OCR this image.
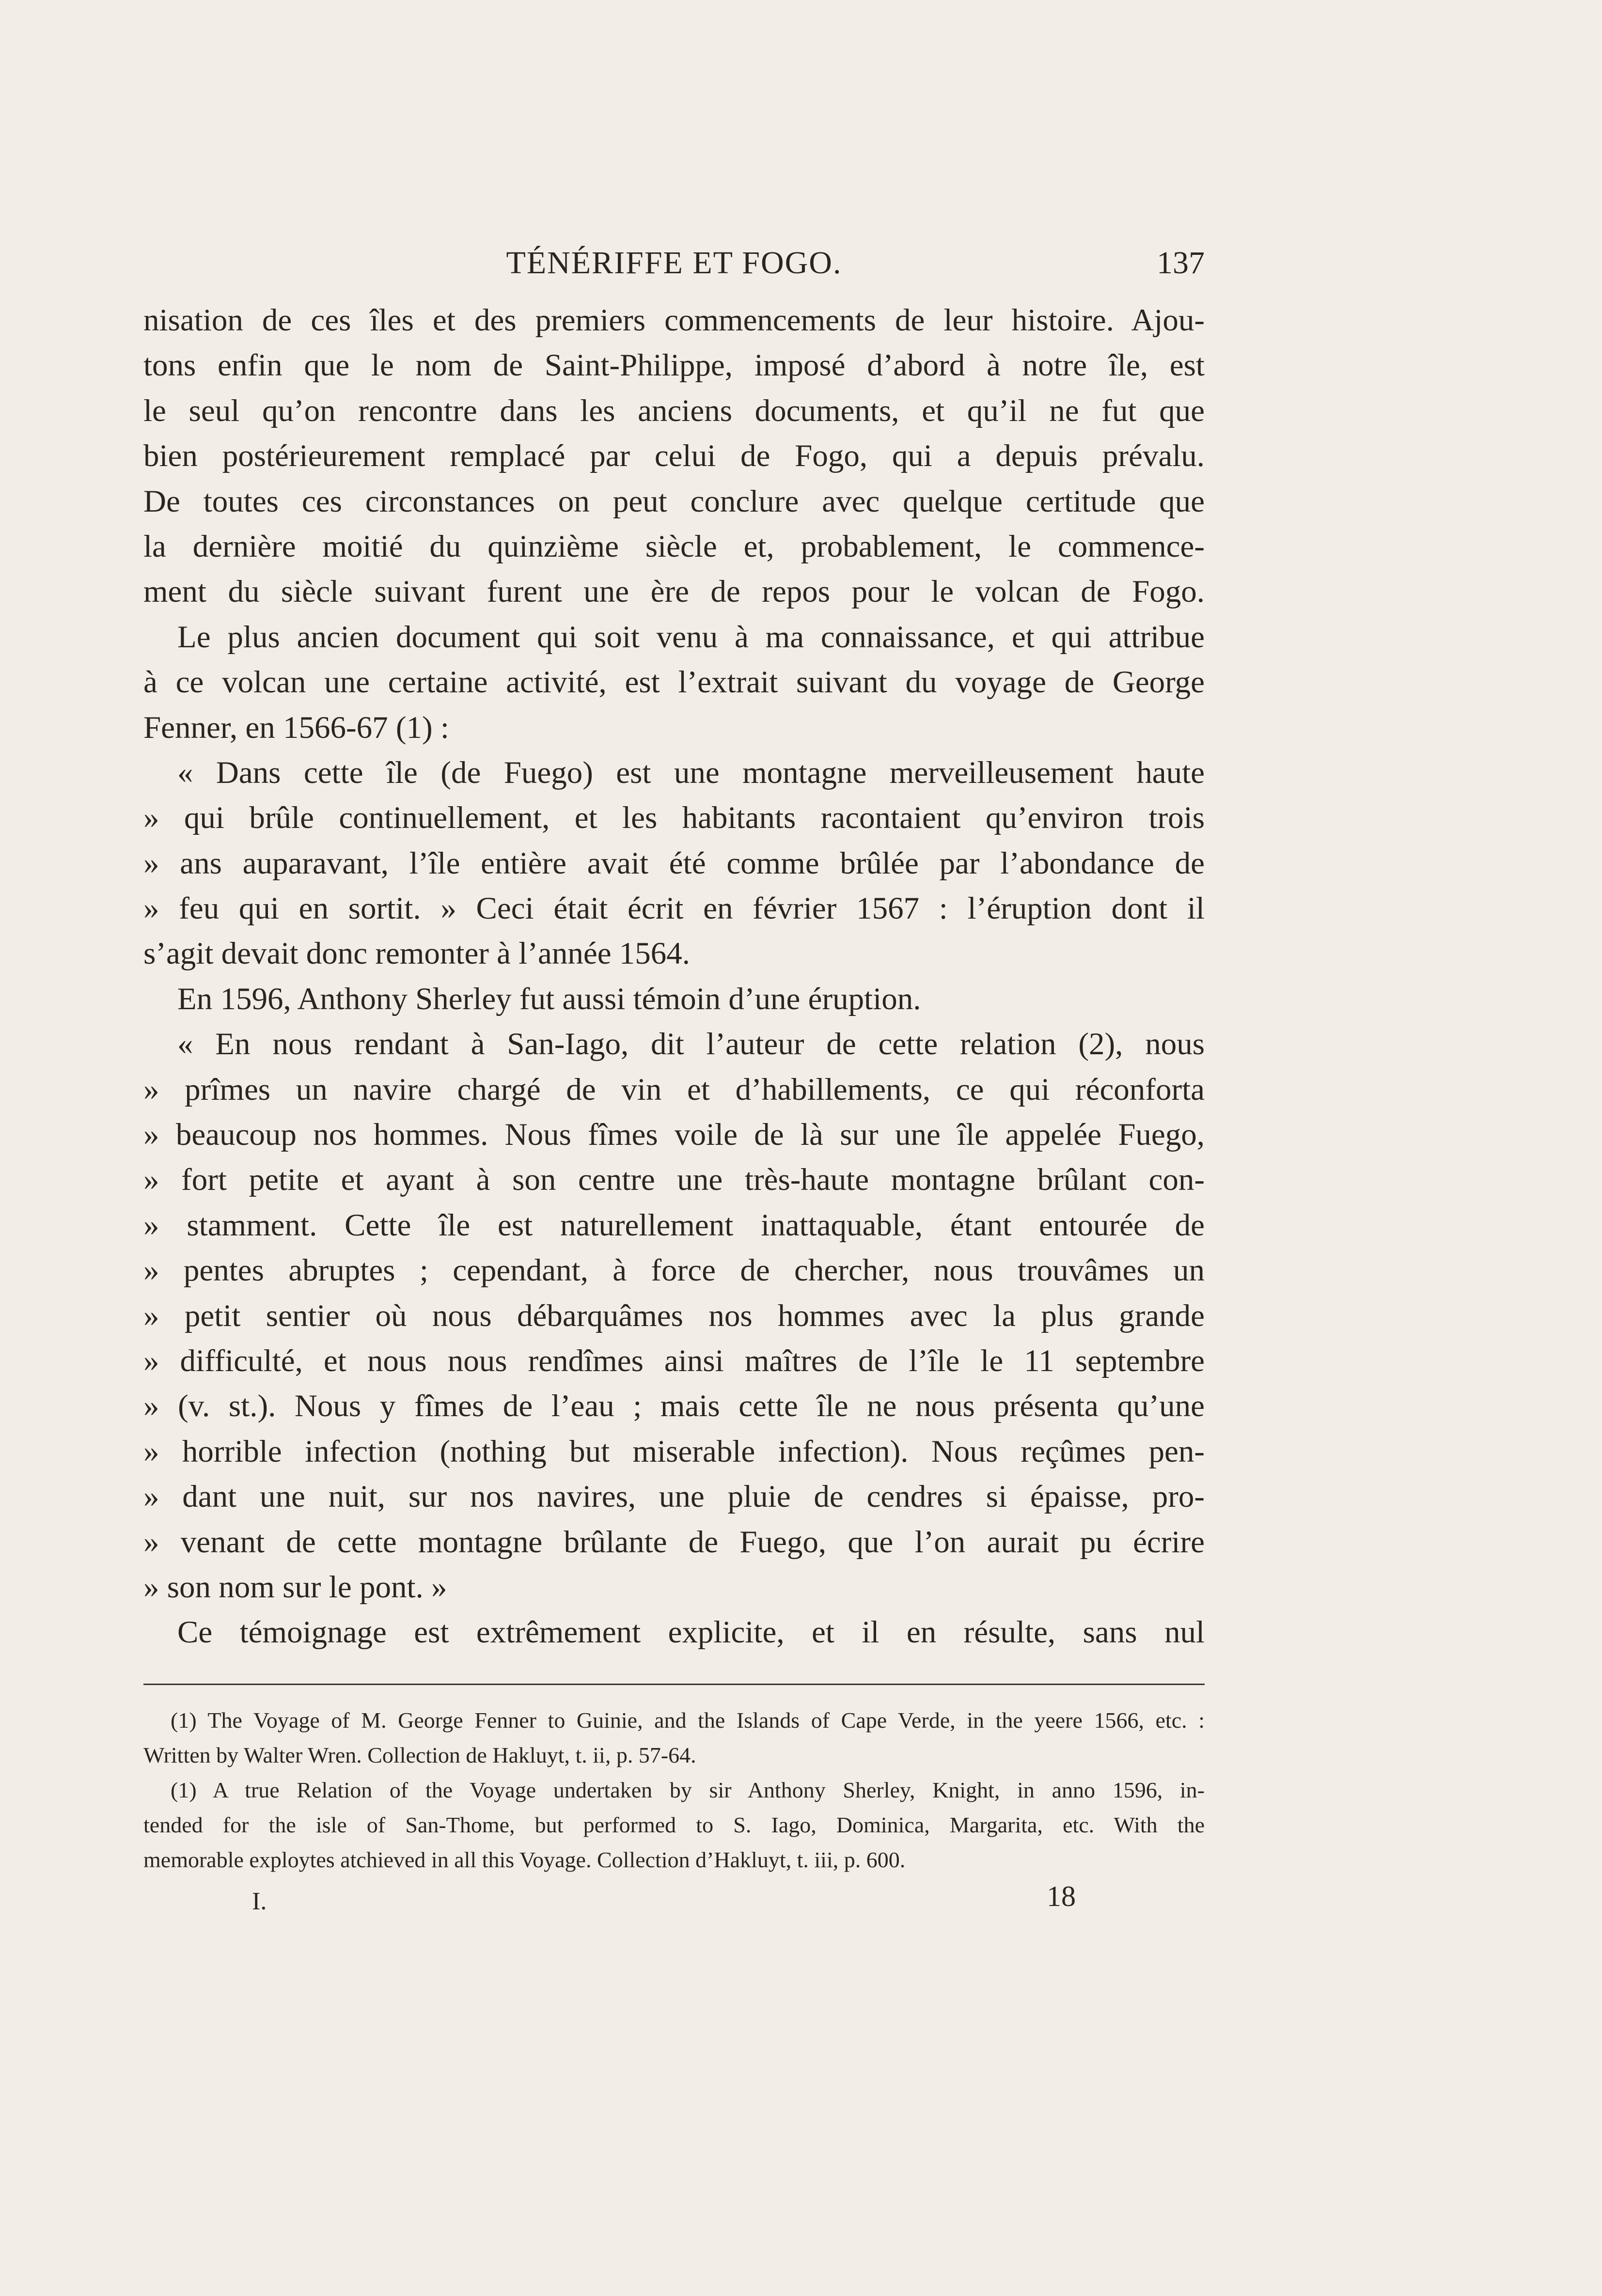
TÉNÉRIFFE ET FOGO.	137
nisation de ces îles et des premiers commencements de leur histoire. Ajou-
tons enfin que le nom de Saint-Philippe, imposé d’abord à notre île, est
le seul qu’on rencontre dans les anciens documents, et qu’il ne fut que
bien postérieurement remplacé par celui de Fogo, qui a depuis prévalu.
De toutes ces circonstances on peut conclure avec quelque certitude que
la dernière moitié du quinzième siècle et, probablement, le commence-
ment du siècle suivant furent une ère de repos pour le volcan de Fogo.
Le plus ancien document qui soit venu à ma connaissance, et qui attribue
à ce volcan une certaine activité, est l’extrait suivant du voyage de George
Fenner, en 1566-67 (1) :
« Dans cette île (de Fuego) est une montagne merveilleusement haute
» qui brûle continuellement, et les habitants racontaient qu’environ trois
» ans auparavant, l’île entière avait été comme brûlée par l’abondance de
» feu qui en sortit. » Ceci était écrit en février 1567 : l’éruption dont il
s’agit devait donc remonter à l’année 1564.
En 1596, Anthony Sherley fut aussi témoin d’une éruption.
« En nous rendant à San-Iago, dit l’auteur de cette relation (2), nous
» prîmes un navire chargé de vin et d’habillements, ce qui réconforta
» beaucoup nos hommes. Nous fîmes voile de là sur une île appelée Fuego,
» fort petite et ayant à son centre une très-haute montagne brûlant con-
» stamment. Cette île est naturellement inattaquable, étant entourée de
» pentes abruptes ; cependant, à force de chercher, nous trouvâmes un
» petit sentier où nous débarquâmes nos hommes avec la plus grande
» difficulté, et nous nous rendîmes ainsi maîtres de l’île le 11 septembre
» (v. st.). Nous y fîmes de l’eau ; mais cette île ne nous présenta qu’une
» horrible infection (nothing but miserable infection). Nous reçûmes pen-
» dant une nuit, sur nos navires, une pluie de cendres si épaisse, pro-
» venant de cette montagne brûlante de Fuego, que l’on aurait pu écrire
» son nom sur le pont. »
Ce témoignage est extrêmement explicite, et il en résulte, sans nul
(1) The Voyage of M. George Fenner to Guinie, and the Islands of Cape Verde, in the yeere 1566, etc. :
Written by Walter Wren. Collection de Hakluyt, t. ii, p. 57-64.
(1) A true Relation of the Voyage undertaken by sir Anthony Sherley, Knight, in anno 1596, in-
tended for the isle of San-Thome, but performed to S. Iago, Dominica, Margarita, etc. With the
memorable exploytes atchieved in all this Voyage. Collection d’Hakluyt, t. iii, p. 600.
I.	18
